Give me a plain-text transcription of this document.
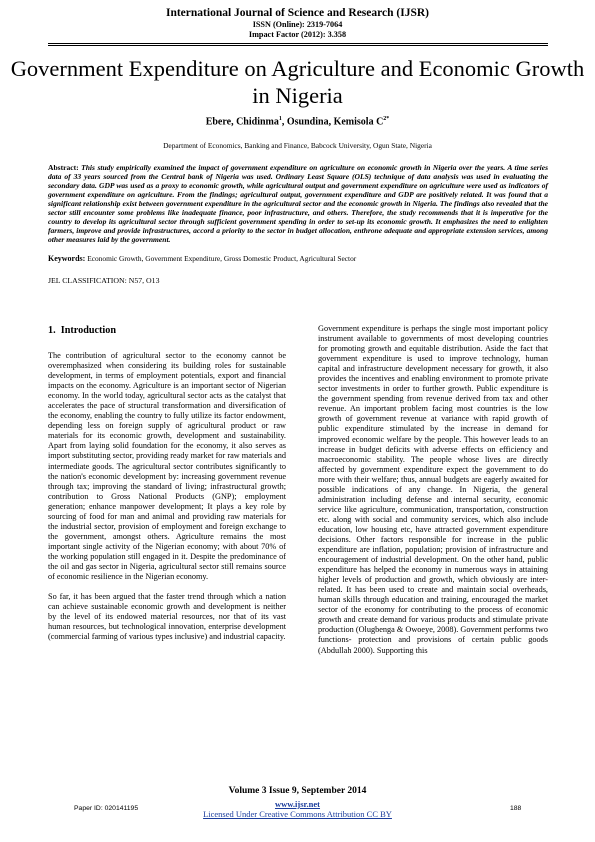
International Journal of Science and Research (IJSR)
ISSN (Online): 2319-7064
Impact Factor (2012): 3.358
Government Expenditure on Agriculture and Economic Growth in Nigeria
Ebere, Chidinma$^1$, Osundina, Kemisola $C^{2*}$
Department of Economics, Banking and Finance, Babcock University, Ogun State, Nigeria
Abstract: This study empirically examined the impact of government expenditure on agriculture on economic growth in Nigeria over the years. A time series data of 33 years sourced from the Central bank of Nigeria was used. Ordinary Least Square (OLS) technique of data analysis was used in evaluating the secondary data. GDP was used as a proxy to economic growth, while agricultural output and government expenditure on agriculture were used as indicators of government expenditure on agriculture. From the findings; agricultural output, government expenditure and GDP are positively related. It was found that a significant relationship exist between government expenditure in the agricultural sector and the economic growth in Nigeria. The findings also revealed that the sector still encounter some problems like inadequate finance, poor infrastructure, and others. Therefore, the study recommends that it is imperative for the country to develop its agricultural sector through sufficient government spending in order to set-up its economic growth. It emphasizes the need to enlighten farmers, improve and provide infrastructures, accord a priority to the sector in budget allocation, enthrone adequate and appropriate extension services, among other measures laid by the government.
Keywords: Economic Growth, Government Expenditure, Gross Domestic Product, Agricultural Sector
JEL CLASSIFICATION: N57, O13
1. Introduction

The contribution of agricultural sector to the economy cannot be overemphasized when considering its building roles for sustainable development, in terms of employment potentials, export and financial impacts on the economy. Agriculture is an important sector of Nigerian economy. In the world today, agricultural sector acts as the catalyst that accelerates the pace of structural transformation and diversification of the economy, enabling the country to fully utilize its factor endowment, depending less on foreign supply of agricultural product or raw materials for its economic growth, development and sustainability. Apart from laying solid foundation for the economy, it also serves as import substituting sector, providing ready market for raw materials and intermediate goods. The agricultural sector contributes significantly to the nation's economic development by: increasing government revenue through tax; improving the standard of living; infrastructural growth; contribution to Gross National Products (GNP); employment generation; enhance manpower development; It plays a key role by sourcing of food for man and animal and providing raw materials for the industrial sector, provision of employment and foreign exchange to the government, amongst others. Agriculture remains the most important single activity of the Nigerian economy; with about 70% of the working population still engaged in it. Despite the predominance of the oil and gas sector in Nigeria, agricultural sector still remains source of economic resilience in the Nigerian economy.

So far, it has been argued that the faster trend through which a nation can achieve sustainable economic growth and development is neither by the level of its endowed material resources, nor that of its vast human resources, but technological innovation, enterprise development (commercial farming of various types inclusive) and industrial capacity.

Government expenditure is perhaps the single most important policy instrument available to governments of most developing countries for promoting growth and equitable distribution. Aside the fact that government expenditure is used to improve technology, human capital and infrastructure development necessary for growth, it also provides the incentives and enabling environment to promote private sector investments in order to further growth. Public expenditure is the government spending from revenue derived from tax and other revenue. An important problem facing most countries is the low growth of government revenue at variance with rapid growth of public expenditure stimulated by the increase in demand for improved economic welfare by the people. This however leads to an increase in budget deficits with adverse effects on efficiency and macroeconomic stability. The people whose lives are directly affected by government expenditure expect the government to do more with their welfare; thus, annual budgets are eagerly awaited for possible indications of any change. In Nigeria, the general administration including defense and internal security, economic service like agriculture, communication, transportation, construction etc. along with social and community services, which also include education, low housing etc, have attracted government expenditure decisions. Other factors responsible for increase in the public expenditure are inflation, population; provision of infrastructure and encouragement of industrial development. On the other hand, public expenditure has helped the economy in numerous ways in attaining higher levels of production and growth, which obviously are inter-related. It has been used to create and maintain social overheads, human skills through education and training, encouraged the market sector of the economy for contributing to the process of economic growth and create demand for various products and stimulate private production (Olugbenga & Owoeye, 2008). Government performs two functions- protection and provisions of certain public goods (Abdullah 2000). Supporting this

Volume 3 Issue 9, September 2014
www.ijsr.net
Licensed Under Creative Commons Attribution CC BY
Paper ID: 020141195	188
